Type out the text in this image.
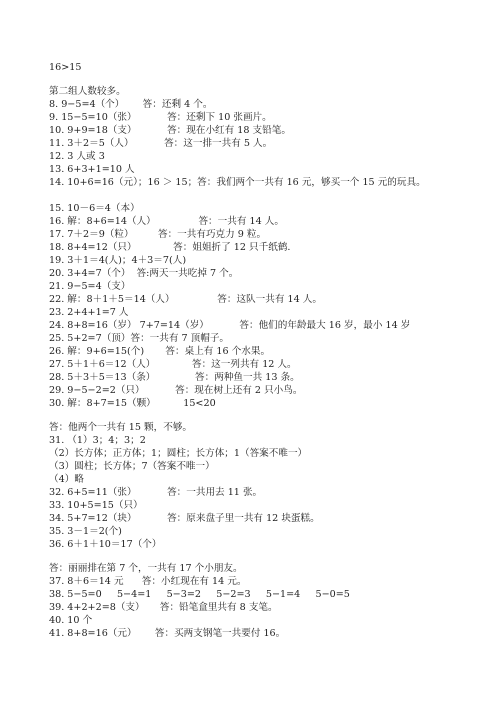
16>15
第二组人数较多。
8. 9−5=4（个）      答：还剩 4 个。
9. 15−5=10（张）          答：还剩下 10 张画片。
10. 9+9=18（支）          答：现在小红有 18 支铅笔。
11. 3＋2＝5（人）          答：这一排一共有 5 人。
12. 3 人或 3
13. 6+3+1=10 人
14. 10+6=16（元）；16 ＞ 15；答：我们两个一共有 16 元，够买一个 15 元的玩具。
15. 10－6＝4（本）
16. 解：8+6=14（人）              答：一共有 14 人。
17. 7＋2＝9（粒）        答：一共有巧克力 9 粒。
18. 8+4=12（只）            答：姐姐折了 12 只千纸鹤.
19. 3＋1＝4(人)；4＋3＝7(人)
20. 3+4=7（个）  答:两天一共吃掉 7 个。
21. 9−5=4（支）
22. 解：8＋1＋5＝14（人）              答：这队一共有 14 人。
23. 2+4+1=7 人
24. 8+8=16（岁） 7+7=14（岁）          答：他们的年龄最大 16 岁，最小 14 岁
25. 5+2=7（顶）答：一共有 7 顶帽子。
26. 解：9+6=15(个)       答：桌上有 16 个水果。
27. 5＋1＋6＝12（人）            答：这一列共有 12 人。
28. 5＋3＋5＝13（条）             答：两种鱼一共 13 条。
29. 9−5−2=2（只）          答：现在树上还有 2 只小鸟。
30. 解：8+7=15（颗）         15<20
答：他两个一共有 15 颗，不够。
31. （1）3；4；3；2
（2）长方体；正方体；1；圆柱；长方体；1（答案不唯一）
（3）圆柱；长方体；7（答案不唯一）
（4）略
32. 6+5=11（张）          答：一共用去 11 张。
33. 10+5=15（只）
34. 5+7=12（块）          答：原来盘子里一共有 12 块蛋糕。
35. 3－1＝2(个)
36. 6＋1＋10＝17（个）
答：丽丽排在第 7 个，一共有 17 个小朋友。
37. 8＋6＝14 元      答：小红现在有 14 元。
38. 5−5=0     5−4=1     5−3=2     5−2=3     5−1=4     5−0=5
39. 4+2+2=8（支）     答：铅笔盒里共有 8 支笔。
40. 10 个
41. 8+8=16（元）      答：买两支钢笔一共要付 16。
